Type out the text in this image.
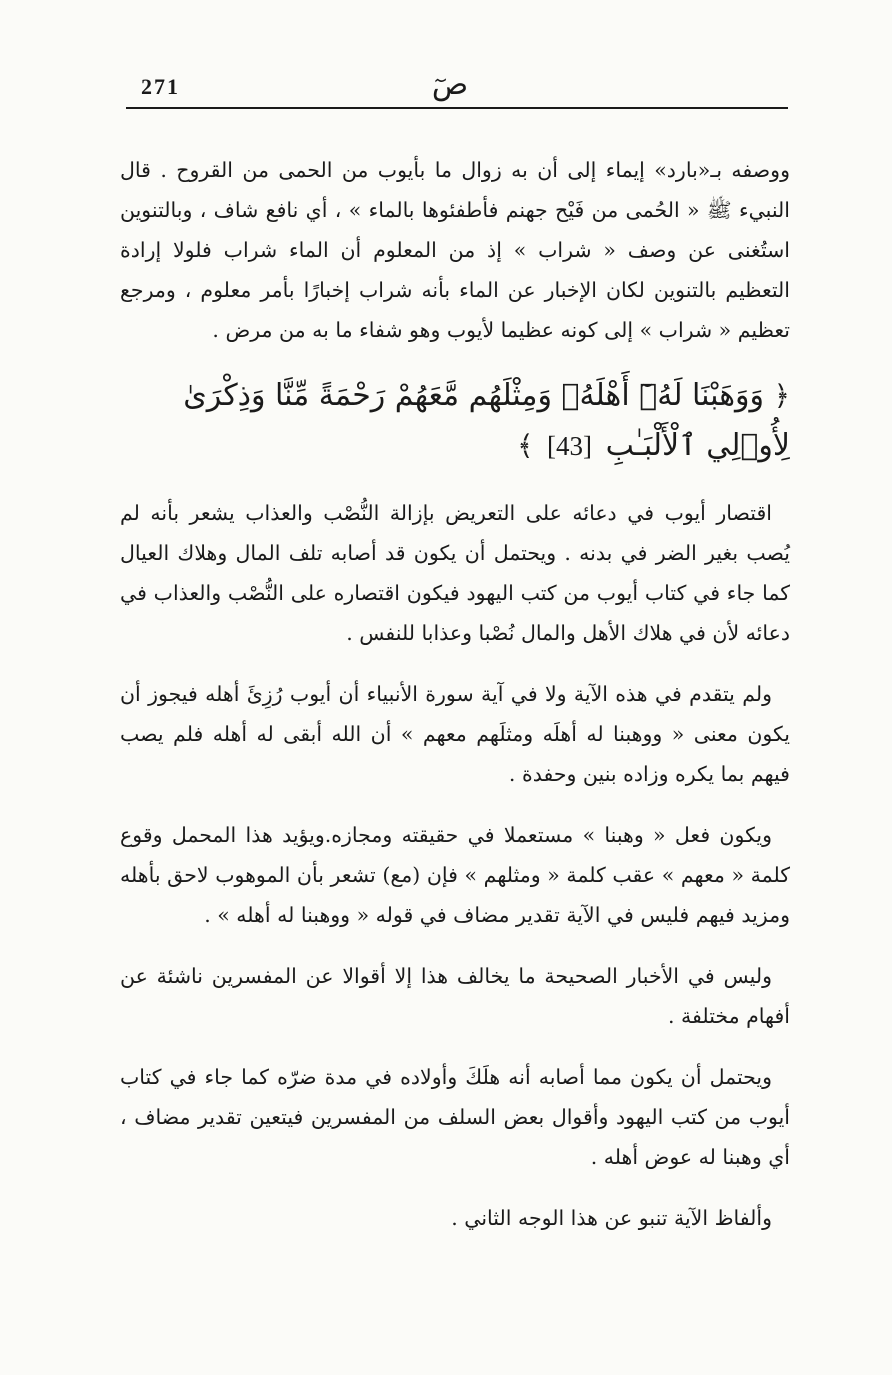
271	صٓ

ووصفه بـ«بارد» إيماء إلى أن به زوال ما بأيوب من الحمى من القروح . قال النبيء ﷺ « الحُمى من فَيْح جهنم فأطفئوها بالماء » ، أي نافع شاف ، وبالتنوين استُغنى عن وصف « شراب » إذ من المعلوم أن الماء شراب فلولا إرادة التعظيم بالتنوين لكان الإخبار عن الماء بأنه شراب إخبارًا بأمر معلوم ، ومرجع تعظيم « شراب » إلى كونه عظيما لأيوب وهو شفاء ما به من مرض .

﴿ وَوَهَبْنَا لَهُۥٓ أَهْلَهُۥ وَمِثْلَهُم مَّعَهُمْ رَحْمَةً مِّنَّا وَذِكْرَىٰ لِأُو۟لِي ٱلْأَلْبَـٰبِ [43] ﴾

اقتصار أيوب في دعائه على التعريض بإزالة النُّصْب والعذاب يشعر بأنه لم يُصب بغير الضر في بدنه . ويحتمل أن يكون قد أصابه تلف المال وهلاك العيال كما جاء في كتاب أيوب من كتب اليهود فيكون اقتصاره على النُّصْب والعذاب في دعائه لأن في هلاك الأهل والمال نُصْبا وعذابا للنفس .

ولم يتقدم في هذه الآية ولا في آية سورة الأنبياء أن أيوب رُزِئَ أهله فيجوز أن يكون معنى « ووهبنا له أهلَه ومثلَهم معهم » أن الله أبقى له أهله فلم يصب فيهم بما يكره وزاده بنين وحفدة .

ويكون فعل « وهبنا » مستعملا في حقيقته ومجازه.ويؤيد هذا المحمل وقوع كلمة « معهم » عقب كلمة « ومثلهم » فإن (مع) تشعر بأن الموهوب لاحق بأهله ومزيد فيهم فليس في الآية تقدير مضاف في قوله « ووهبنا له أهله » .

وليس في الأخبار الصحيحة ما يخالف هذا إلا أقوالا عن المفسرين ناشئة عن أفهام مختلفة .

ويحتمل أن يكون مما أصابه أنه هلَكَ وأولاده في مدة ضرّه كما جاء في كتاب أيوب من كتب اليهود وأقوال بعض السلف من المفسرين فيتعين تقدير مضاف ، أي وهبنا له عوض أهله .

وألفاظ الآية تنبو عن هذا الوجه الثاني .
